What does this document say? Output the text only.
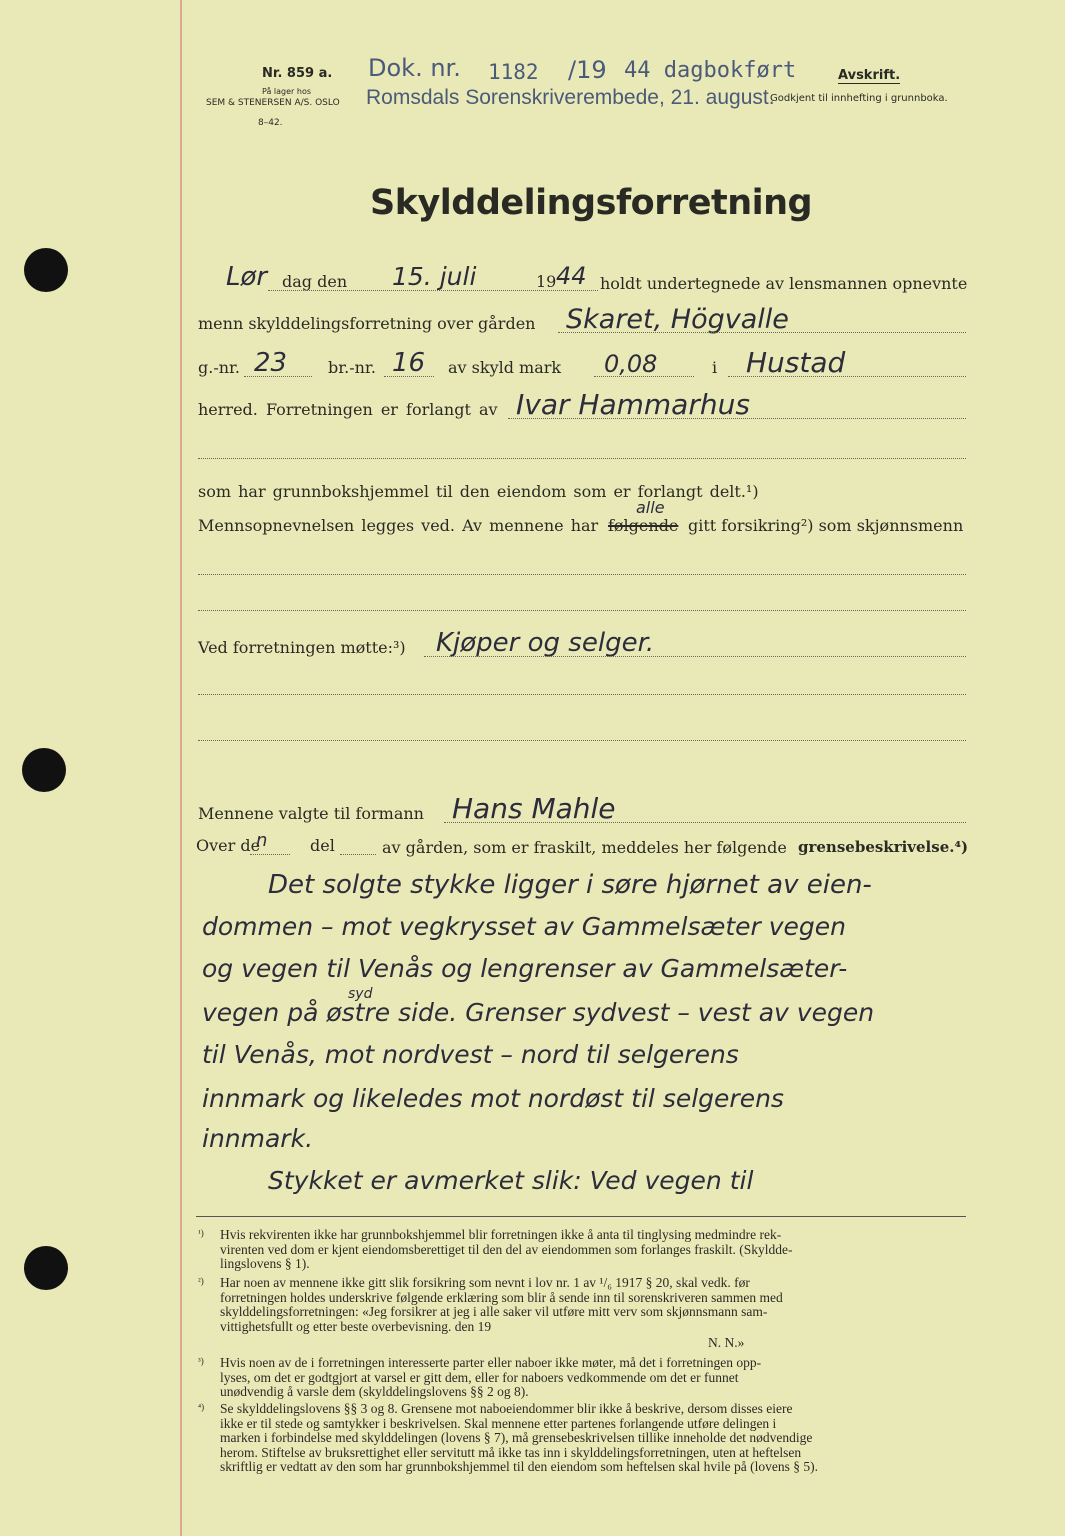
Nr. 859 a.
På lager hos
SEM & STENERSEN A/S. OSLO
8–42.
Dok. nr. 1182 /19 44 dagbokført
Romsdals Sorenskriverembede, 21. august.
Avskrift.
Godkjent til innhefting i grunnboka.
Skylddelingsforretning
Lør dag den 15. juli	19 44 holdt undertegnede av lensmannen opnevnte
menn skylddelingsforretning over gården Skaret, Högvalle
g.-nr. 23	br.-nr. 16 av skyld mark 0,08	i Hustad
herred. Forretningen er forlangt av Ivar Hammarhus
som har grunnbokshjemmel til den eiendom som er forlangt delt.¹)
Mennsopnevnelsen legges ved. Av mennene har følgende
alle
gitt forsikring²) som skjønnsmenn
Ved forretningen møtte:³) Kjøper og selger.
Mennene valgte til formann Hans Mahle
Over de
n	del	av gården, som er fraskilt, meddeles her følgende grensebeskrivelse.⁴)
Det solgte stykke ligger i søre hjørnet av eien-
dommen – mot vegkrysset av Gammelsæter vegen
og vegen til Venås og lengrenser av Gammelsæter-
syd
vegen på østre side. Grenser sydvest – vest av vegen
til Venås, mot nordvest – nord til selgerens
innmark og likeledes mot nordøst til selgerens
innmark.
Stykket er avmerket slik: Ved vegen til
¹) Hvis rekvirenten ikke har grunnbokshjemmel blir forretningen ikke å anta til tinglysing medmindre rek-
virenten ved dom er kjent eiendomsberettiget til den del av eiendommen som forlanges fraskilt. (Skyldde-
lingslovens § 1).
²) Har noen av mennene ikke gitt slik forsikring som nevnt i lov nr. 1 av ¹/₆ 1917 § 20, skal vedk. før
forretningen holdes underskrive følgende erklæring som blir å sende inn til sorenskriveren sammen med
skylddelingsforretningen: «Jeg forsikrer at jeg i alle saker vil utføre mitt verv som skjønnsmann sam-
vittighetsfullt og etter beste overbevisning. den 19
N. N.»
³) Hvis noen av de i forretningen interesserte parter eller naboer ikke møter, må det i forretningen opp-
lyses, om det er godtgjort at varsel er gitt dem, eller for naboers vedkommende om det er funnet
unødvendig å varsle dem (skylddelingslovens §§ 2 og 8).
⁴) Se skylddelingslovens §§ 3 og 8. Grensene mot naboeiendommer blir ikke å beskrive, dersom disses eiere
ikke er til stede og samtykker i beskrivelsen. Skal mennene etter partenes forlangende utføre delingen i
marken i forbindelse med skylddelingen (lovens § 7), må grensebeskrivelsen tillike inneholde det nødvendige
herom. Stiftelse av bruksrettighet eller servitutt må ikke tas inn i skylddelingsforretningen, uten at heftelsen
skriftlig er vedtatt av den som har grunnbokshjemmel til den eiendom som heftelsen skal hvile på (lovens § 5).
